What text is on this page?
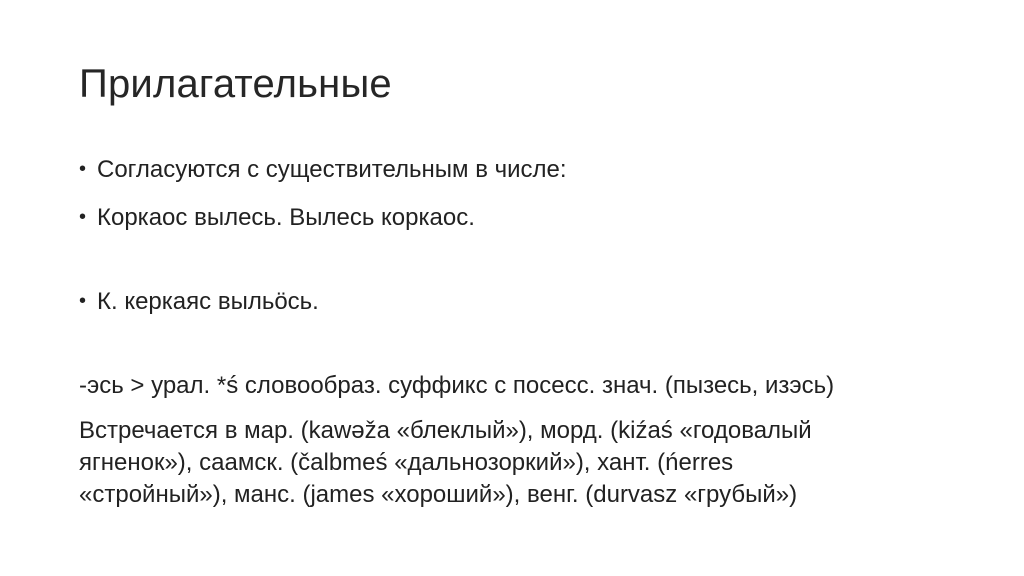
Прилагательные
• Согласуются с существительным в числе:
• Коркаос вылесь. Вылесь коркаос.
• К. керкаяс выльӧсь.
-эсь > урал. *ś словообраз. суффикс с посесс. знач. (пызесь, изэсь)
Встречается в мар. (kawəža «блеклый»), морд. (kiźaś «годовалый
ягненок»), саамск. (čalbmeś «дальнозоркий»), хант. (ńerres
«стройный»), манс. (james «хороший»), венг. (durvasz «грубый»)
